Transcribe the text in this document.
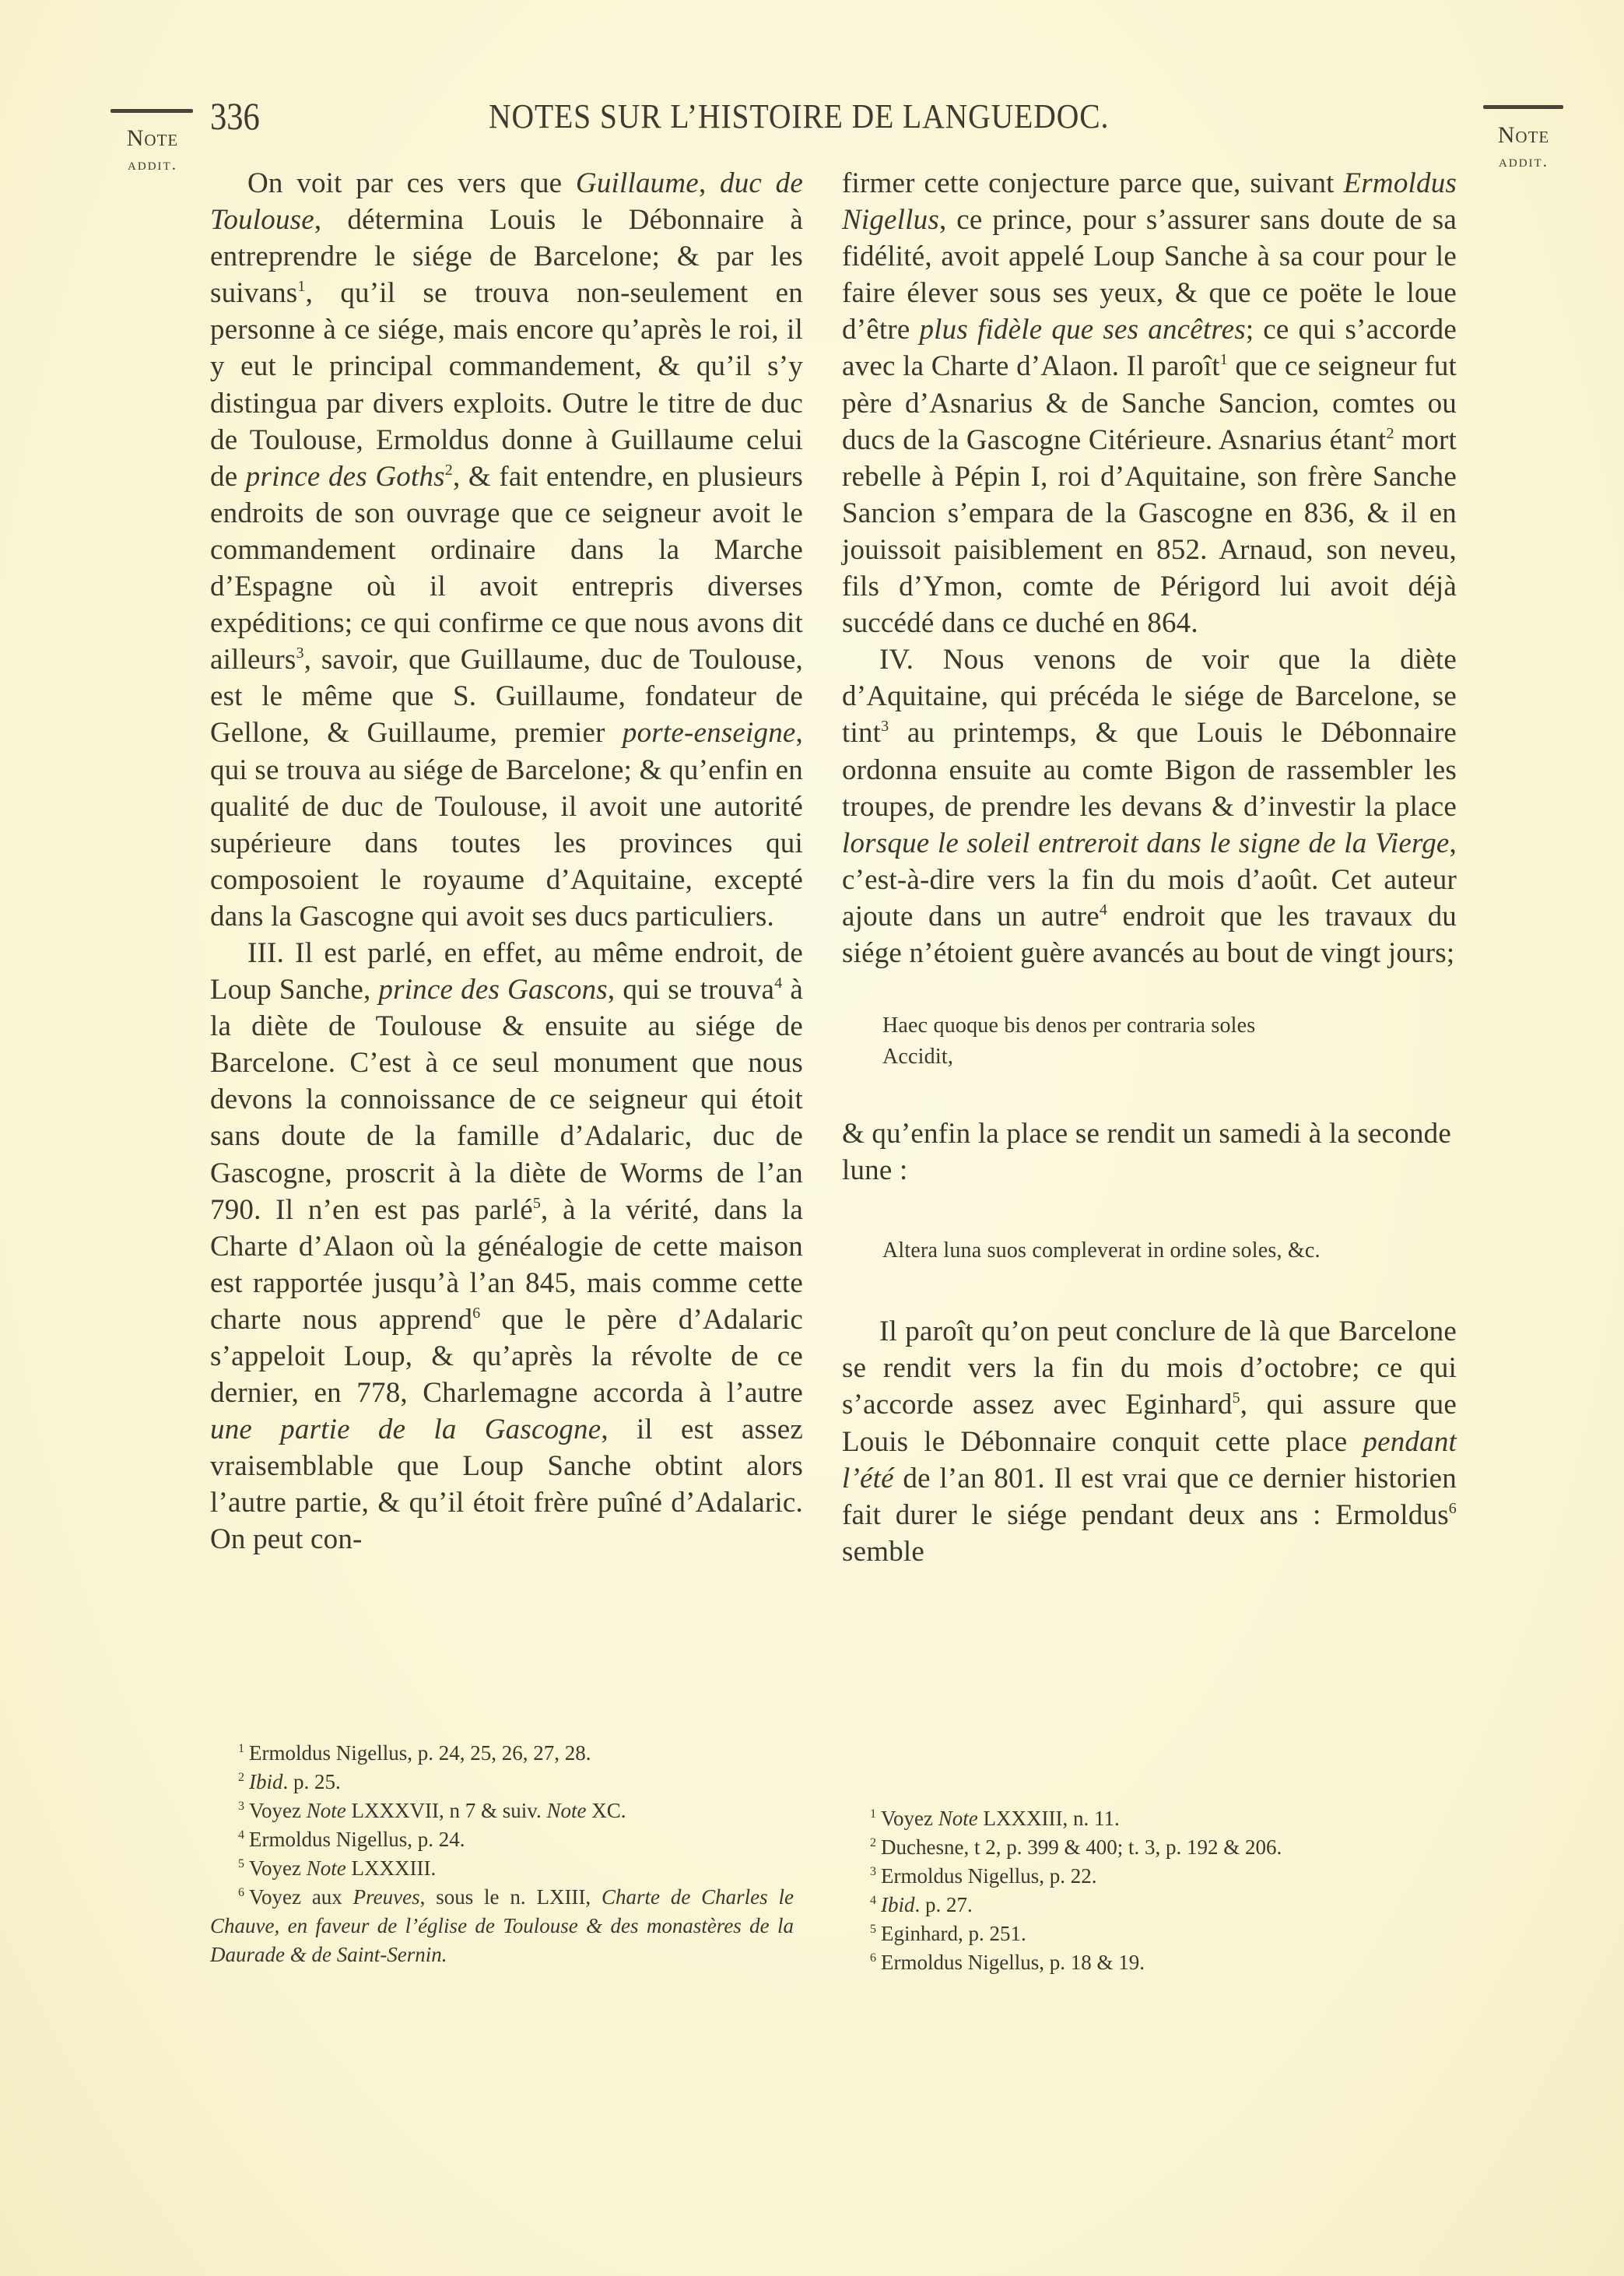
Note
addit.
Note
addit.
336	NOTES SUR L’HISTOIRE DE LANGUEDOC.

On voit par ces vers que Guillaume, duc de Toulouse, détermina Louis le Débonnaire à entreprendre le siége de Barcelone; & par les suivans$^1$, qu’il se trouva non-seulement en personne à ce siége, mais encore qu’après le roi, il y eut le principal commandement, & qu’il s’y distingua par divers exploits. Outre le titre de duc de Toulouse, Ermoldus donne à Guillaume celui de prince des Goths$^2$, & fait entendre, en plusieurs endroits de son ouvrage que ce seigneur avoit le commandement ordinaire dans la Marche d’Espagne où il avoit entrepris diverses expéditions; ce qui confirme ce que nous avons dit ailleurs$^3$, savoir, que Guillaume, duc de Toulouse, est le même que S. Guillaume, fondateur de Gellone, & Guillaume, premier porte-enseigne, qui se trouva au siége de Barcelone; & qu’enfin en qualité de duc de Toulouse, il avoit une autorité supérieure dans toutes les provinces qui composoient le royaume d’Aquitaine, excepté dans la Gascogne qui avoit ses ducs particuliers.

III. Il est parlé, en effet, au même endroit, de Loup Sanche, prince des Gascons, qui se trouva$^4$ à la diète de Toulouse & ensuite au siége de Barcelone. C’est à ce seul monument que nous devons la connoissance de ce seigneur qui étoit sans doute de la famille d’Adalaric, duc de Gascogne, proscrit à la diète de Worms de l’an 790. Il n’en est pas parlé$^5$, à la vérité, dans la Charte d’Alaon où la généalogie de cette maison est rapportée jusqu’à l’an 845, mais comme cette charte nous apprend$^6$ que le père d’Adalaric s’appeloit Loup, & qu’après la révolte de ce dernier, en 778, Charlemagne accorda à l’autre une partie de la Gascogne, il est assez vraisemblable que Loup Sanche obtint alors l’autre partie, & qu’il étoit frère puîné d’Adalaric. On peut con-

$^1$ Ermoldus Nigellus, p. 24, 25, 26, 27, 28.

$^2$ Ibid. p. 25.

$^3$ Voyez Note LXXXVII, n 7 & suiv. Note XC.

$^4$ Ermoldus Nigellus, p. 24.

$^5$ Voyez Note LXXXIII.

$^6$ Voyez aux Preuves, sous le n. LXIII, Charte de Charles le Chauve, en faveur de l’église de Toulouse & des monastères de la Daurade & de Saint-Sernin.

firmer cette conjecture parce que, suivant Ermoldus Nigellus, ce prince, pour s’assurer sans doute de sa fidélité, avoit appelé Loup Sanche à sa cour pour le faire élever sous ses yeux, & que ce poëte le loue d’être plus fidèle que ses ancêtres; ce qui s’accorde avec la Charte d’Alaon. Il paroît$^1$ que ce seigneur fut père d’Asnarius & de Sanche Sancion, comtes ou ducs de la Gascogne Citérieure. Asnarius étant$^2$ mort rebelle à Pépin I, roi d’Aquitaine, son frère Sanche Sancion s’empara de la Gascogne en 836, & il en jouissoit paisiblement en 852. Arnaud, son neveu, fils d’Ymon, comte de Périgord lui avoit déjà succédé dans ce duché en 864.

IV. Nous venons de voir que la diète d’Aquitaine, qui précéda le siége de Barcelone, se tint$^3$ au printemps, & que Louis le Débonnaire ordonna ensuite au comte Bigon de rassembler les troupes, de prendre les devans & d’investir la place lorsque le soleil entreroit dans le signe de la Vierge, c’est-à-dire vers la fin du mois d’août. Cet auteur ajoute dans un autre$^4$ endroit que les travaux du siége n’étoient guère avancés au bout de vingt jours;

Haec quoque bis denos per contraria soles
Accidit,

& qu’enfin la place se rendit un samedi à la seconde lune :

Altera luna suos compleverat in ordine soles, &c.

Il paroît qu’on peut conclure de là que Barcelone se rendit vers la fin du mois d’octobre; ce qui s’accorde assez avec Eginhard$^5$, qui assure que Louis le Débonnaire conquit cette place pendant l’été de l’an 801. Il est vrai que ce dernier historien fait durer le siége pendant deux ans : Ermoldus$^6$ semble

$^1$ Voyez Note LXXXIII, n. 11.

$^2$ Duchesne, t 2, p. 399 & 400; t. 3, p. 192 & 206.

$^3$ Ermoldus Nigellus, p. 22.

$^4$ Ibid. p. 27.

$^5$ Eginhard, p. 251.

$^6$ Ermoldus Nigellus, p. 18 & 19.
